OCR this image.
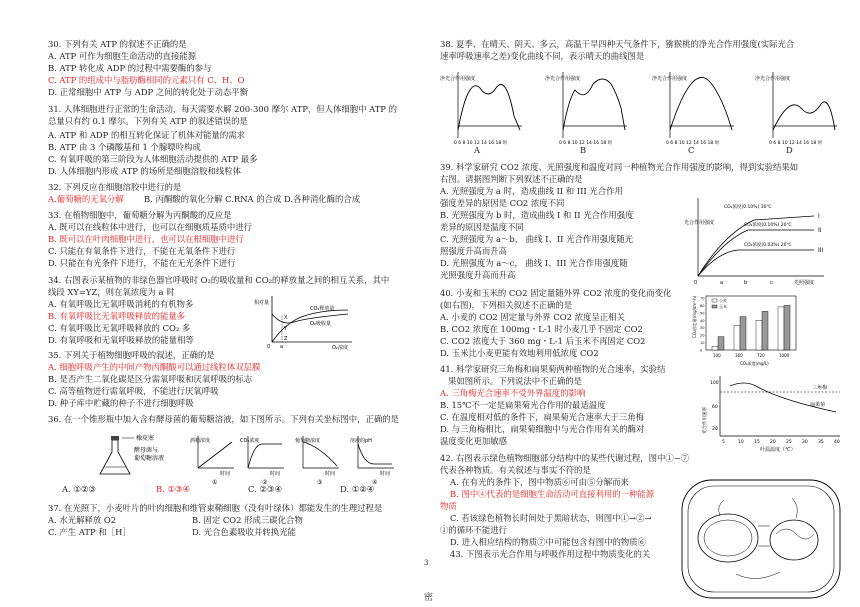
30. 下列有关 ATP 的叙述不正确的是
A. ATP 可作为细胞生命活动的直接能源
B. ATP 转化成 ADP 的过程中需要酶的参与
C. ATP 的组成中与脂肪酶相同的元素只有 C、H、O
D. 正常细胞中 ATP 与 ADP 之间的转化处于动态平衡
31. 人体细胞进行正常的生命活动，每天需要水解 200-300 摩尔 ATP，但人体细胞中 ATP 的
总量只有约 0.1 摩尔。下列有关 ATP 的叙述错误的是
A. ATP 和 ADP 的相互转化保证了机体对能量的需求
B. ATP 由 3 个磷酸基和 1 个腺嘌呤构成
C. 有氧呼吸的第三阶段为人体细胞活动提供的 ATP 最多
D. 人体细胞内形成 ATP 的场所是细胞溶胶和线粒体
32. 下列反应在细胞溶胶中进行的是
A.葡萄糖的无氧分解 B. 丙酮酸的氧化分解 C.RNA 的合成 D.各种消化酶的合成
33. 在植物细胞中，葡萄糖分解为丙酮酸的反应是
A. 既可以在线粒体中进行，也可以在细胞质基质中进行
B. 既可以在叶肉细胞中进行，也可以在根细胞中进行
C. 只能在有氧条件下进行，不能在无氧条件下进行
D. 只能在有光条件下进行，不能在无光条件下进行
34. 右图表示某植物的非绿色器官呼吸时 O₂的吸收量和 CO₂的释放量之间的相互关系，其中
线段 XY=YZ，则在氧浓度为 a 时
A. 有氧呼吸比无氧呼吸消耗的有机物多
B. 有氧呼吸比无氧呼吸释放的能量多
C. 有氧呼吸比无氧呼吸释放的 CO₂ 多
D. 有氧呼吸和无氧呼吸释放的能量相等
35. 下列关于植物细胞呼吸的叙述，正确的是
A. 细胞呼吸产生的中间产物丙酮酸可以通过线粒体双层膜
B. 是否产生二氧化碳是区分需氧呼吸和厌氧呼吸的标志
C. 高等植物进行需氧呼吸，不能进行厌氧呼吸
D. 种子库中贮藏的种子不进行细胞呼吸
36. 在一个锥形瓶中加入含有酵母菌的葡萄糖溶液，如下图所示。下列有关坐标图中，正确的是
A. ①②③	B. ①③④	C. ②③④	D. ①②④
37. 在光照下，小麦叶片的叶肉细胞和维管束鞘细胞（没有叶绿体）都能发生的生理过程是
A. 水光解释放 O2	B. 固定 CO2 形成三碳化合物
C. 产生 ATP 和［H］	D. 光合色素吸收并转换光能
38. 夏季、在晴天、阴天、多云，高温干旱四种天气条件下，猕猴桃的净光合作用强度(实际光合
速率呼吸速率之差)变化曲线不同，表示晴天的曲线图是
A	B	C	D
39. 科学家研究 CO2 浓度、光照强度和温度对同一种植物光合作用强度的影响，得到实验结果如
右图。请据图判断下列叙述不正确的是
A. 光照强度为 a 时，造成曲线 II 和 III 光合作用
强度差异的原因是 CO2 浓度不同
B. 光照强度为 b 时，造成曲线 I 和 II 光合作用强度
差异的原因是温度不同
C. 光照强度为 a～b， 曲线 I、II 光合作用强度随光
照强度升高而升高
D. 光照强度为 a～c， 曲线 I、III 光合作用强度随
光照强度升高而升高
40. 小麦和玉米的 CO2 固定量随外界 CO2 浓度的变化而变化
(如右图)，下列相关叙述不正确的是
A. 小麦的 CO2 固定量与外界 CO2 浓度呈正相关
B. CO2 浓度在 100mg・L-1 时小麦几乎不固定 CO2
C. CO2 浓度大于 360 mg・L-1 后玉米不再固定 CO2
D. 玉米比小麦更能有效地利用低浓度 CO2
41. 科学家研究三角梅和扁果菊两种植物的光合速率，实验结
果如图所示。下列说法中不正确的是
A. 三角梅光合速率不受外界温度的影响
B. 15℃不一定是扁果菊光合作用的最适温度
C. 在温度相对低的条件下，扁果菊光合速率大于三角梅
D. 与三角梅相比，扁果菊细胞中与光合作用有关的酶对
温度变化更加敏感
42. 右图表示绿色植物细胞部分结构中的某些代谢过程，图中①~⑦
代表各种物质。有关叙述与事实不符的是
A. 在有光的条件下，图中物质⑥可由⑤分解而来
B. 图中④代表的是细胞生命活动可直接利用的一种能源
物质
C. 若该绿色植物长时间处于黑暗状态，则图中①→②→
①的循环不能进行
D. 进入相应结构的物质⑦中可能包含有图中的物质⑥
43. 下图表示光合作用与呼吸作用过程中物质变化的关
相对量
CO₂释放量
O₂吸收量
X
Y
Z
0 a	O₂浓度
橡皮塞
酵母菌与
葡萄糖溶液
酒精浓度
时间
①
CO₂浓度
时间
②
葡萄糖浓度
时间
③
溶液的pH
时间
④
净光合作用强度
0 6 8 10 12 14 16 18 时
净光合作用强度
0 6 8 10 12 14 16 18 时
净光合作用强度
0 6 8 10 12 14 16 18 时
净光合作用强度
0 6 8 10 12 14 16 18 时
光合作用强度
CO₂浓度(0.10%) 30℃
CO₂浓度(0.10%) 20℃
CO₂浓度(0.03%) 20℃
I
II
III
0	a	b	c	光照强度
CO₂固定量(mg/dm²·h)	小麦
玉米
100	360	720	1000
0
10
20
30
40
50
60
70
CO₂浓度(mg/L)
光合作用速率
100
60
20
三角梅
扁果菊
5	10 15 20 25 30 35 40
叶温温度（℃）
3
密
